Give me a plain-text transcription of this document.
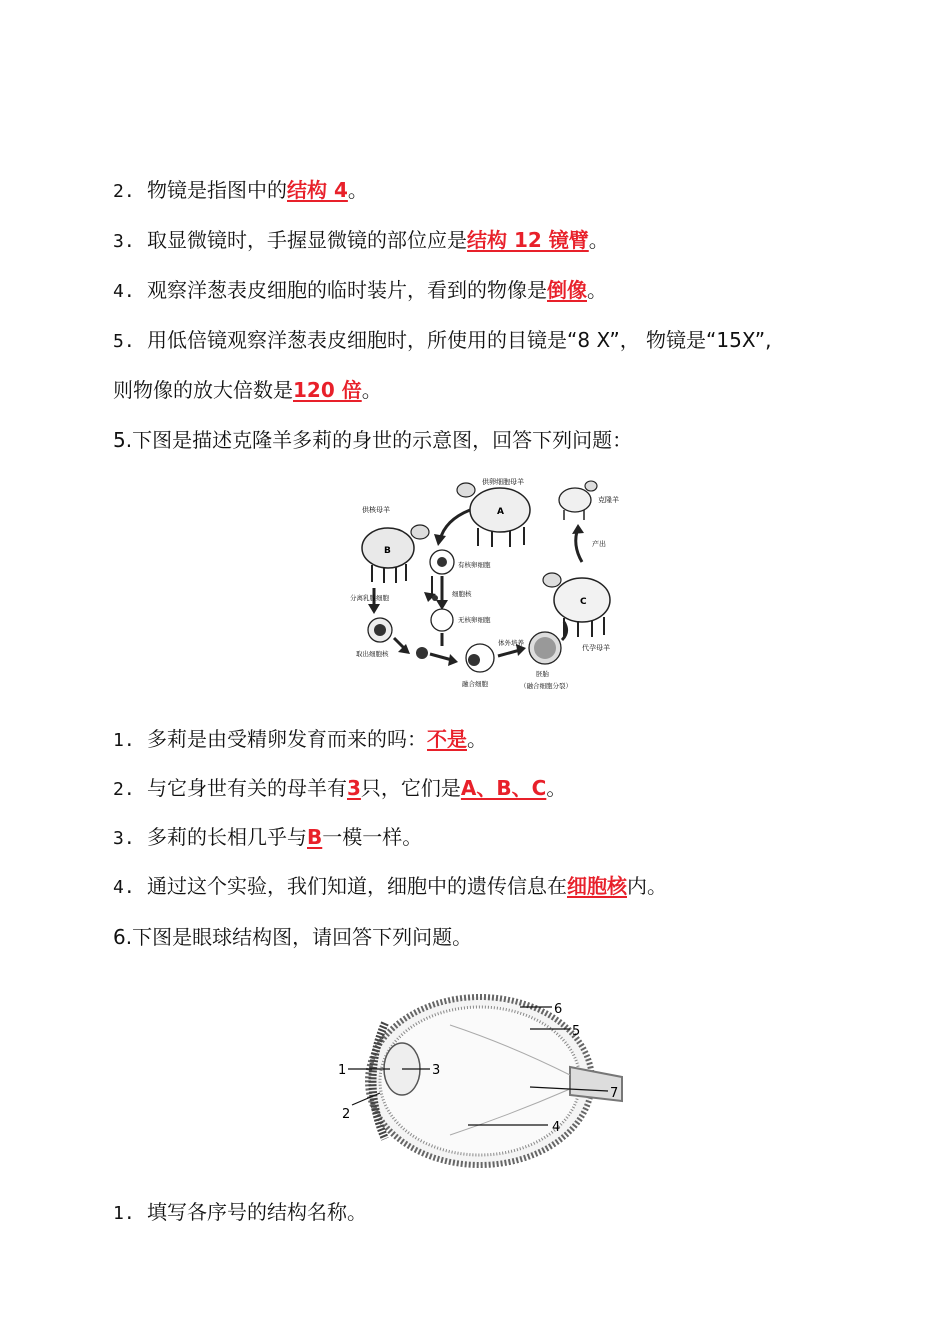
2. 物镜是指图中的结构 4。
3. 取显微镜时，手握显微镜的部位应是结构 12 镜臂。
4. 观察洋葱表皮细胞的临时装片，看到的物像是倒像。
5. 用低倍镜观察洋葱表皮细胞时，所使用的目镜是“8 X”， 物镜是“15X”,
则物像的放大倍数是120 倍。
5.下图是描述克隆羊多莉的身世的示意图，回答下列问题：
供核母羊
B
供卵细胞母羊
A
克隆羊
产出
C
代孕母羊
有核卵细胞
分离乳腺细胞
取出细胞核
细胞核
无核卵细胞
融合细胞
体外培养
胚胎
（融合细胞分裂）
1. 多莉是由受精卵发育而来的吗：不是。
2. 与它身世有关的母羊有3只，它们是A、B、C。
3. 多莉的长相几乎与B一模一样。
4. 通过这个实验，我们知道，细胞中的遗传信息在细胞核内。
6.下图是眼球结构图，请回答下列问题。
1
2
3
4
5
6
7
1. 填写各序号的结构名称。
